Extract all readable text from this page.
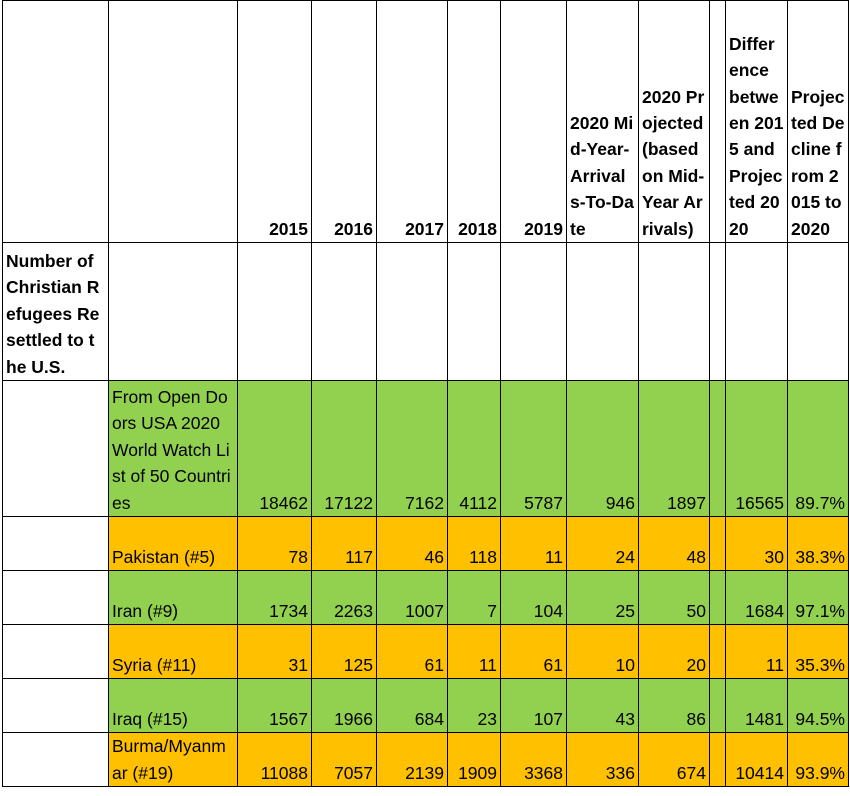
		2015	2016	2017	2018	2019	2020 Mid-Year-Arrivals-To-Date	2020 Projected (based on Mid-Year Arrivals)		Difference between 2015 and Projected 2020	Projected Decline from 2015 to 2020
Number of Christian Refugees Resettled to the U.S.											
	From Open Doors USA 2020 World Watch List of 50 Countries	18462	17122	7162	4112	5787	946	1897		16565	89.7%
	Pakistan (#5)	78	117	46	118	11	24	48		30	38.3%
	Iran (#9)	1734	2263	1007	7	104	25	50		1684	97.1%
	Syria (#11)	31	125	61	11	61	10	20		11	35.3%
	Iraq (#15)	1567	1966	684	23	107	43	86		1481	94.5%
	Burma/Myanmar (#19)	11088	7057	2139	1909	3368	336	674		10414	93.9%
